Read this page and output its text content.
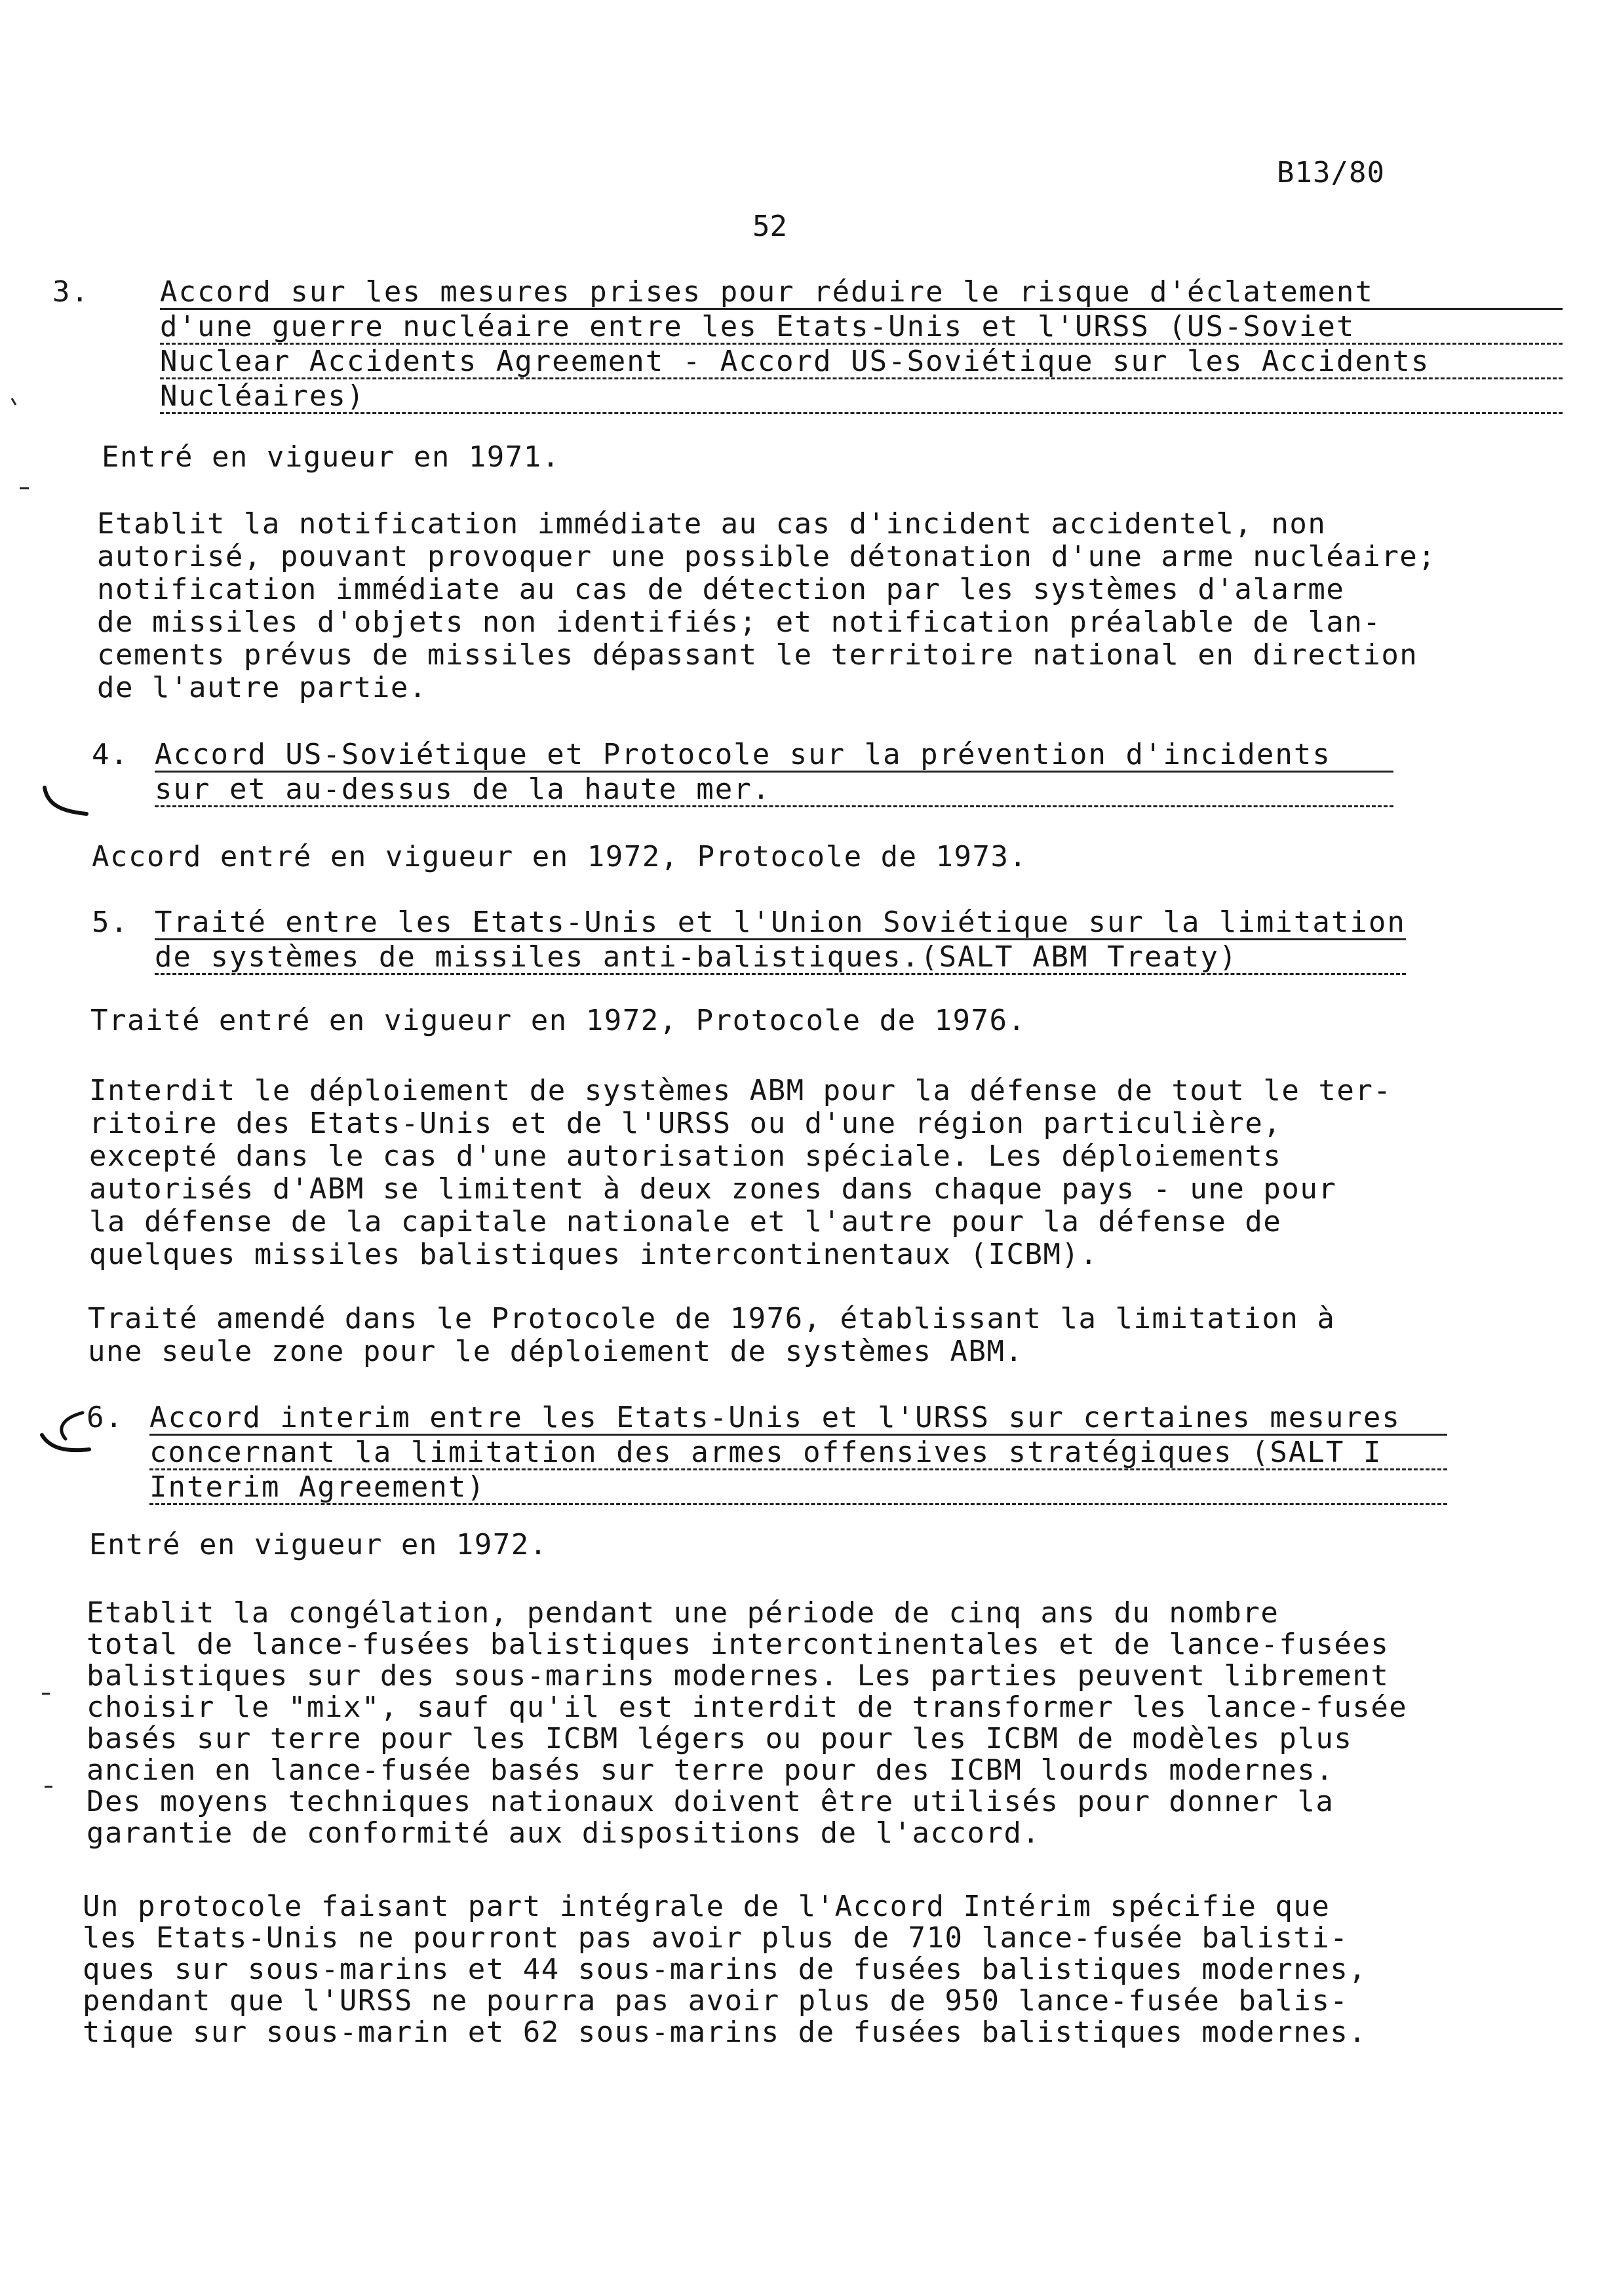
B13/80
52
3. Accord sur les mesures prises pour réduire le risque d'éclatement
d'une guerre nucléaire entre les Etats-Unis et l'URSS (US-Soviet
Nuclear Accidents Agreement - Accord US-Soviétique sur les Accidents
Nucléaires)
Entré en vigueur en 1971.
Etablit la notification immédiate au cas d'incident accidentel, non
autorisé, pouvant provoquer une possible détonation d'une arme nucléaire;
notification immédiate au cas de détection par les systèmes d'alarme
de missiles d'objets non identifiés; et notification préalable de lan-
cements prévus de missiles dépassant le territoire national en direction
de l'autre partie.
4. Accord US-Soviétique et Protocole sur la prévention d'incidents
sur et au-dessus de la haute mer.
Accord entré en vigueur en 1972, Protocole de 1973.
5. Traité entre les Etats-Unis et l'Union Soviétique sur la limitation
de systèmes de missiles anti-balistiques.(SALT ABM Treaty)
Traité entré en vigueur en 1972, Protocole de 1976.
Interdit le déploiement de systèmes ABM pour la défense de tout le ter-
ritoire des Etats-Unis et de l'URSS ou d'une région particulière,
excepté dans le cas d'une autorisation spéciale. Les déploiements
autorisés d'ABM se limitent à deux zones dans chaque pays - une pour
la défense de la capitale nationale et l'autre pour la défense de
quelques missiles balistiques intercontinentaux (ICBM).
Traité amendé dans le Protocole de 1976, établissant la limitation à
une seule zone pour le déploiement de systèmes ABM.
6. Accord interim entre les Etats-Unis et l'URSS sur certaines mesures
concernant la limitation des armes offensives stratégiques (SALT I
Interim Agreement)
Entré en vigueur en 1972.
Etablit la congélation, pendant une période de cinq ans du nombre
total de lance-fusées balistiques intercontinentales et de lance-fusées
balistiques sur des sous-marins modernes. Les parties peuvent librement
choisir le "mix", sauf qu'il est interdit de transformer les lance-fusée
basés sur terre pour les ICBM légers ou pour les ICBM de modèles plus
ancien en lance-fusée basés sur terre pour des ICBM lourds modernes.
Des moyens techniques nationaux doivent être utilisés pour donner la
garantie de conformité aux dispositions de l'accord.
Un protocole faisant part intégrale de l'Accord Intérim spécifie que
les Etats-Unis ne pourront pas avoir plus de 710 lance-fusée balisti-
ques sur sous-marins et 44 sous-marins de fusées balistiques modernes,
pendant que l'URSS ne pourra pas avoir plus de 950 lance-fusée balis-
tique sur sous-marin et 62 sous-marins de fusées balistiques modernes.
